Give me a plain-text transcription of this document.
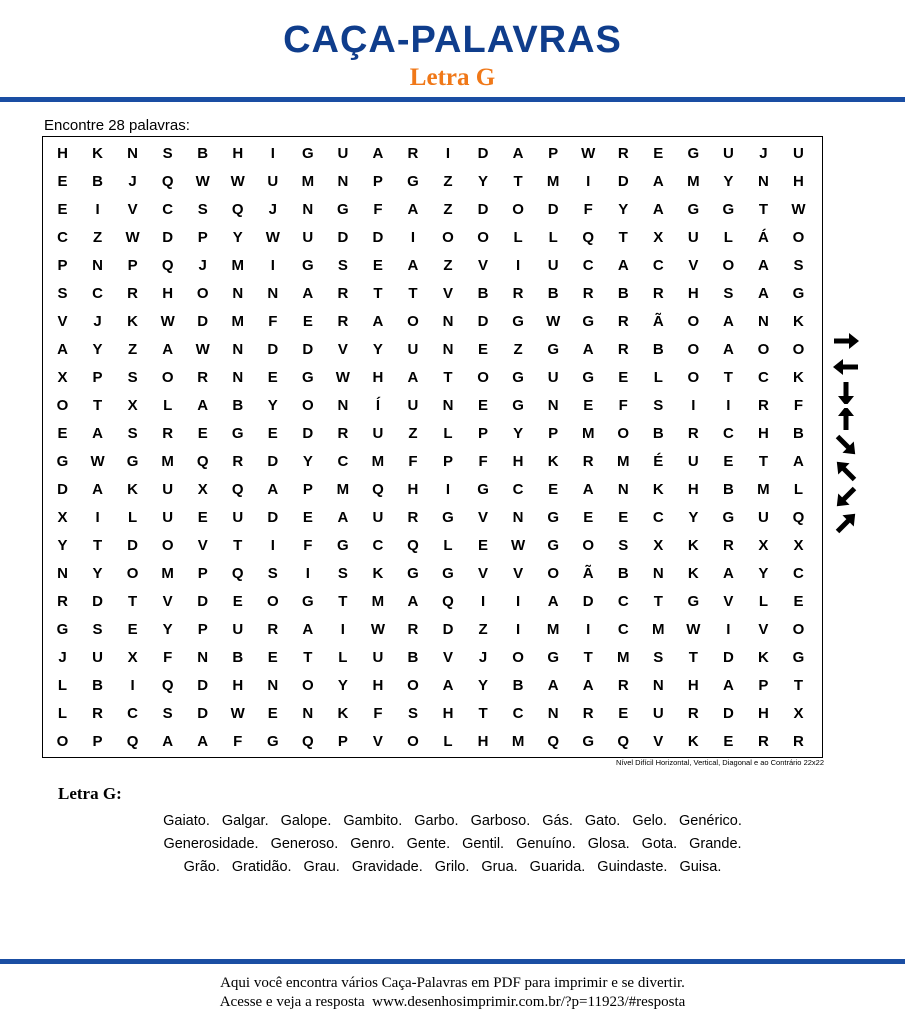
CAÇA-PALAVRAS
Letra G
Encontre 28 palavras:
H	K	N	S	B	H	I	G	U	A	R	I	D	A	P	W	R	E	G	U	J	U
E	B	J	Q	W	W	U	M	N	P	G	Z	Y	T	M	I	D	A	M	Y	N	H
E	I	V	C	S	Q	J	N	G	F	A	Z	D	O	D	F	Y	A	G	G	T	W
C	Z	W	D	P	Y	W	U	D	D	I	O	O	L	L	Q	T	X	U	L	Á	O
P	N	P	Q	J	M	I	G	S	E	A	Z	V	I	U	C	A	C	V	O	A	S
S	C	R	H	O	N	N	A	R	T	T	V	B	R	B	R	B	R	H	S	A	G
V	J	K	W	D	M	F	E	R	A	O	N	D	G	W	G	R	Ã	O	A	N	K
A	Y	Z	A	W	N	D	D	V	Y	U	N	E	Z	G	A	R	B	O	A	O	O
X	P	S	O	R	N	E	G	W	H	A	T	O	G	U	G	E	L	O	T	C	K
O	T	X	L	A	B	Y	O	N	Í	U	N	E	G	N	E	F	S	I	I	R	F
E	A	S	R	E	G	E	D	R	U	Z	L	P	Y	P	M	O	B	R	C	H	B
G	W	G	M	Q	R	D	Y	C	M	F	P	F	H	K	R	M	É	U	E	T	A
D	A	K	U	X	Q	A	P	M	Q	H	I	G	C	E	A	N	K	H	B	M	L
X	I	L	U	E	U	D	E	A	U	R	G	V	N	G	E	E	C	Y	G	U	Q
Y	T	D	O	V	T	I	F	G	C	Q	L	E	W	G	O	S	X	K	R	X	X
N	Y	O	M	P	Q	S	I	S	K	G	G	V	V	O	Ã	B	N	K	A	Y	C
R	D	T	V	D	E	O	G	T	M	A	Q	I	I	A	D	C	T	G	V	L	E
G	S	E	Y	P	U	R	A	I	W	R	D	Z	I	M	I	C	M	W	I	V	O
J	U	X	F	N	B	E	T	L	U	B	V	J	O	G	T	M	S	T	D	K	G
L	B	I	Q	D	H	N	O	Y	H	O	A	Y	B	A	A	R	N	H	A	P	T
L	R	C	S	D	W	E	N	K	F	S	H	T	C	N	R	E	U	R	D	H	X
O	P	Q	A	A	F	G	Q	P	V	O	L	H	M	Q	G	Q	V	K	E	R	R
Nível Difícil Horizontal, Vertical, Diagonal e ao Contrário 22x22
Letra G:
Gaiato. Galgar. Galope. Gambito. Garbo. Garboso. Gás. Gato. Gelo. Genérico.
Generosidade. Generoso. Genro. Gente. Gentil. Genuíno. Glosa. Gota. Grande.
Grão. Gratidão. Grau. Gravidade. Grilo. Grua. Guarida. Guindaste. Guisa.
Aqui você encontra vários Caça-Palavras em PDF para imprimir e se divertir.
Acesse e veja a resposta  www.desenhosimprimir.com.br/?p=11923/#resposta
